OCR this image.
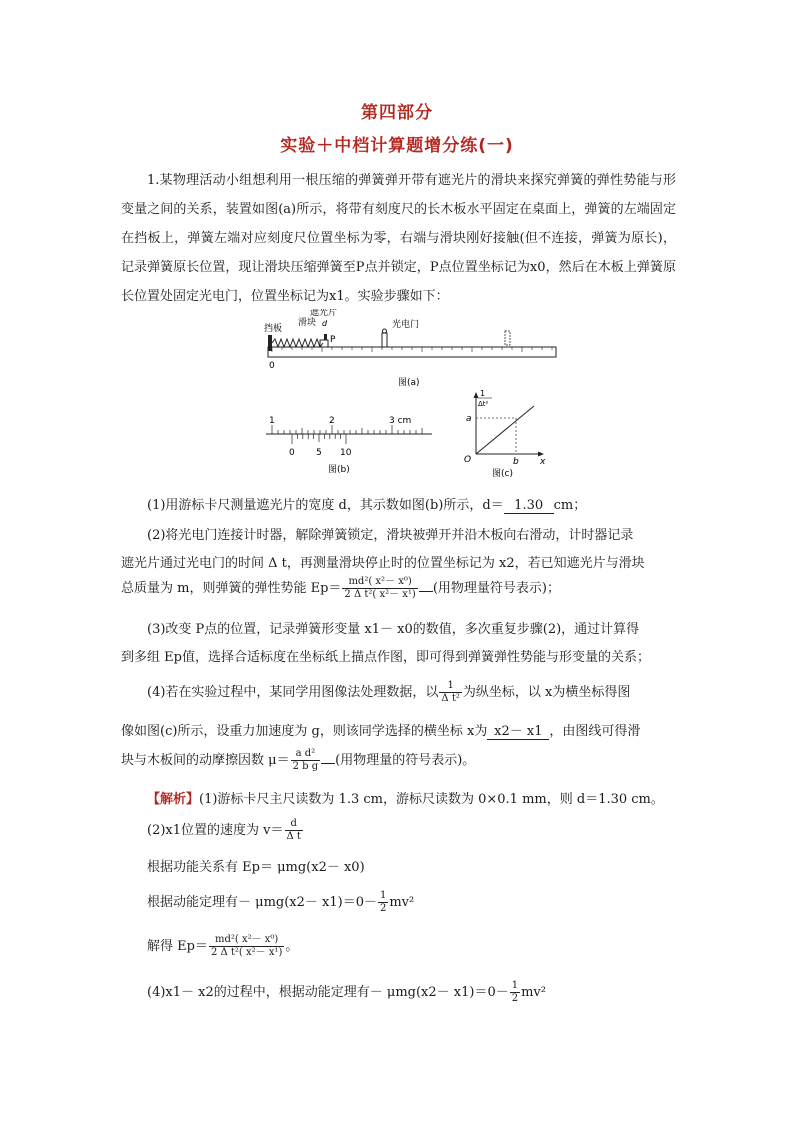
第四部分
实验＋中档计算题增分练(一)
1.某物理活动小组想利用一根压缩的弹簧弹开带有遮光片的滑块来探究弹簧的弹性势能与形变量之间的关系，装置如图(a)所示，将带有刻度尺的长木板水平固定在桌面上，弹簧的左端固定在挡板上，弹簧左端对应刻度尺位置坐标为零，右端与滑块刚好接触(但不连接，弹簧为原长)，记录弹簧原长位置，现让滑块压缩弹簧至P点并锁定，P点位置坐标记为x0，然后在木板上弹簧原长位置处固定光电门，位置坐标记为x1。实验步骤如下：
挡板
滑块
遮光片
d
P
光电门
0
图(a)
1	2	3 cm
0 5 10
图(b)
1
Δt²
a
b
O	x
图(c)
(1)用游标卡尺测量遮光片的宽度 d，其示数如图(b)所示，d＝ 1.30 cm；
(2)将光电门连接计时器，解除弹簧锁定，滑块被弹开并沿木板向右滑动，计时器记录
遮光片通过光电门的时间 Δ t，再测量滑块停止时的位置坐标记为 x2，若已知遮光片与滑块
总质量为 m，则弹簧的弹性势能 $Ep= \frac{\text{md²( x²－ x⁰)}}{\text{2 Δ t²( x²－ x¹)}}$ (用物理量符号表示)；
(3)改变 P点的位置，记录弹簧形变量 x1－ x0的数值，多次重复步骤(2)，通过计算得
到多组 Ep值，选择合适标度在坐标纸上描点作图，即可得到弹簧弹性势能与形变量的关系；
(4)若在实验过程中，某同学用图像法处理数据，以 $\frac{1}{\text{Δ t²}}$ 为纵坐标，以 x为横坐标得图
像如图(c)所示，设重力加速度为 g，则该同学选择的横坐标 x为 x2－ x1 ，由图线可得滑
块与木板间的动摩擦因数 $\mu= \frac{\text{a d²}}{\text{2 b g}}$ (用物理量的符号表示)。
【解析】(1)游标卡尺主尺读数为 1.3 cm，游标尺读数为 0×0.1 mm，则 d＝1.30 cm。
(2)x1位置的速度为 $v= \frac{d}{\text{Δ t}}$
根据功能关系有 Ep＝ μmg(x2－ x0)
根据动能定理有－ $\mu mg(x2- x1)=0- \frac{1}{2} mv^2$
解得 $Ep= \frac{\text{md²( x²－ x⁰)}}{\text{2 Δ t²( x²－ x¹)}}$ 。
(4)x1－ x2的过程中，根据动能定理有－ $\mu mg(x2- x1)=0- \frac{1}{2} mv^2$
